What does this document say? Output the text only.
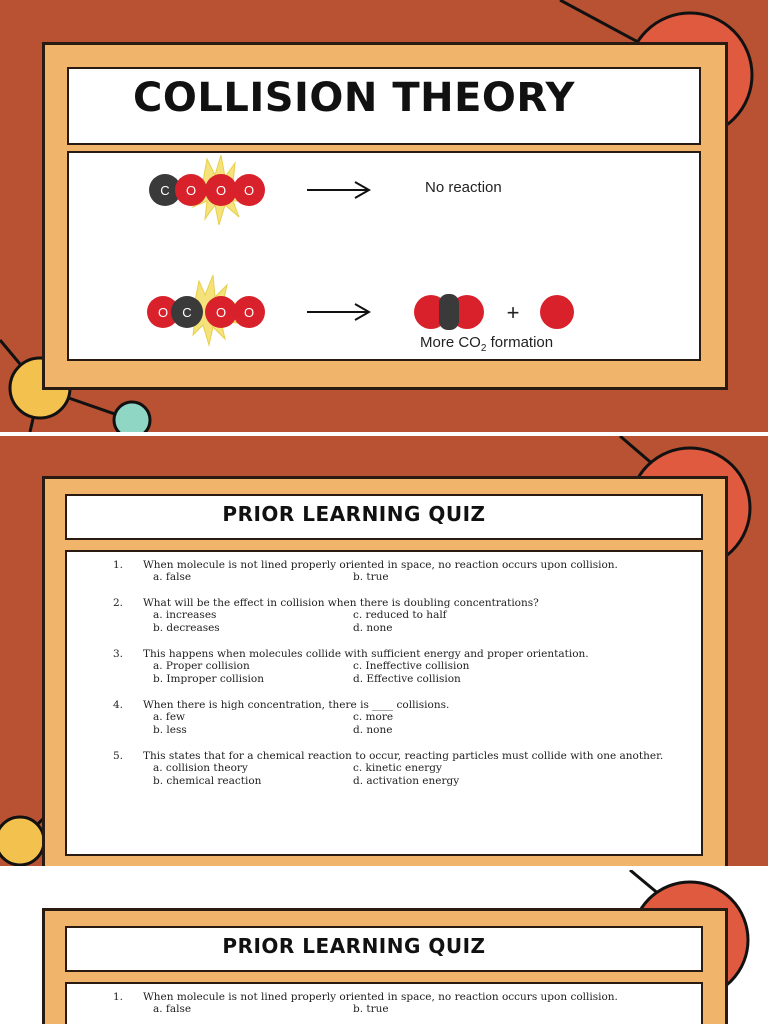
COLLISION THEORY
C O O O
O C O O	+
No reaction
More $CO_2$ formation
PRIOR LEARNING QUIZ
1.	When molecule is not lined properly oriented in space, no reaction occurs upon collision.
a. false	b. true
2.	What will be the effect in collision when there is doubling concentrations?
a. increases	c. reduced to half
b. decreases	d. none
3.	This happens when molecules collide with sufficient energy and proper orientation.
a. Proper collision	c. Ineffective collision
b. Improper collision	d. Effective collision
4.	When there is high concentration, there is ____ collisions.
a. few	c. more
b. less	d. none
5.	This states that for a chemical reaction to occur, reacting particles must collide with one another.
a. collision theory	c. kinetic energy
b. chemical reaction	d. activation energy
PRIOR LEARNING QUIZ
1.	When molecule is not lined properly oriented in space, no reaction occurs upon collision.
a. false	b. true
